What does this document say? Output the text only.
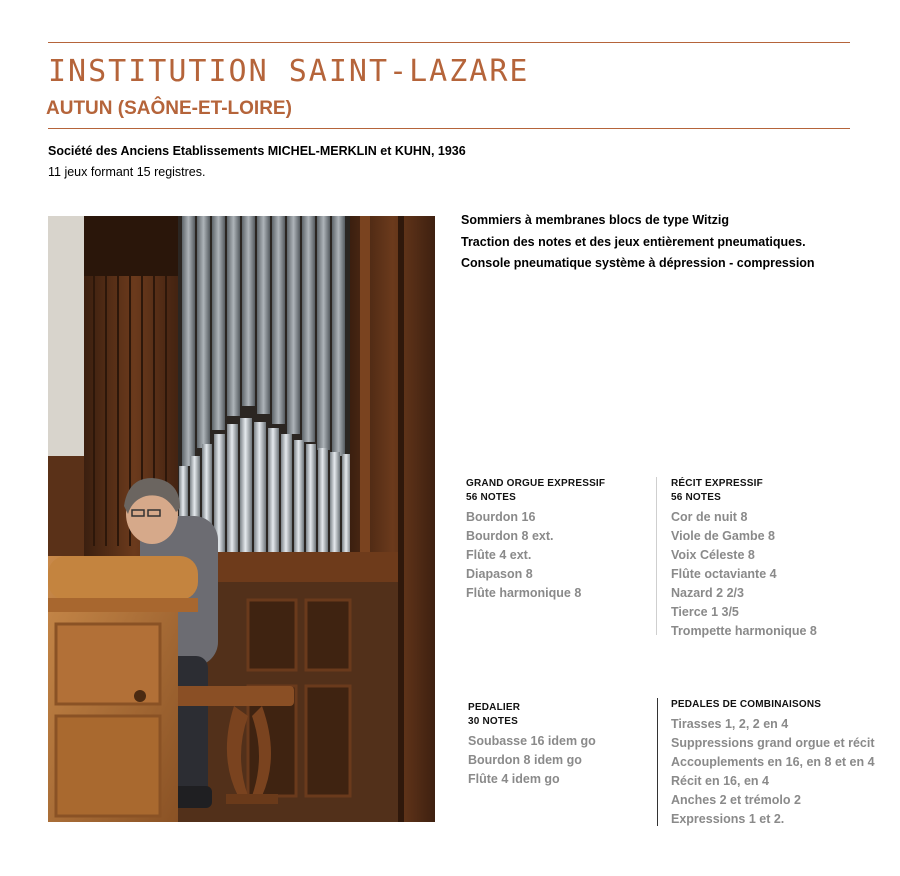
INSTITUTION SAINT-LAZARE
AUTUN (SAÔNE-ET-LOIRE)
Société des Anciens Etablissements MICHEL-MERKLIN et KUHN, 1936
11 jeux formant 15 registres.
Sommiers à membranes blocs de type Witzig
Traction des notes et des jeux entièrement pneumatiques.
Console pneumatique système à dépression - compression
GRAND ORGUE EXPRESSIF
56 NOTES
Bourdon 16
Bourdon 8 ext.
Flûte 4 ext.
Diapason 8
Flûte harmonique 8
RÉCIT EXPRESSIF
56 NOTES
Cor de nuit 8
Viole de Gambe 8
Voix Céleste 8
Flûte octaviante 4
Nazard 2 2/3
Tierce 1 3/5
Trompette harmonique 8
PEDALIER
30 NOTES
Soubasse 16 idem go
Bourdon 8 idem go
Flûte 4 idem go
PEDALES DE COMBINAISONS
Tirasses 1, 2, 2 en 4
Suppressions grand orgue et récit
Accouplements en 16, en 8 et en 4
Récit en 16, en 4
Anches 2 et trémolo 2
Expressions 1 et 2.
